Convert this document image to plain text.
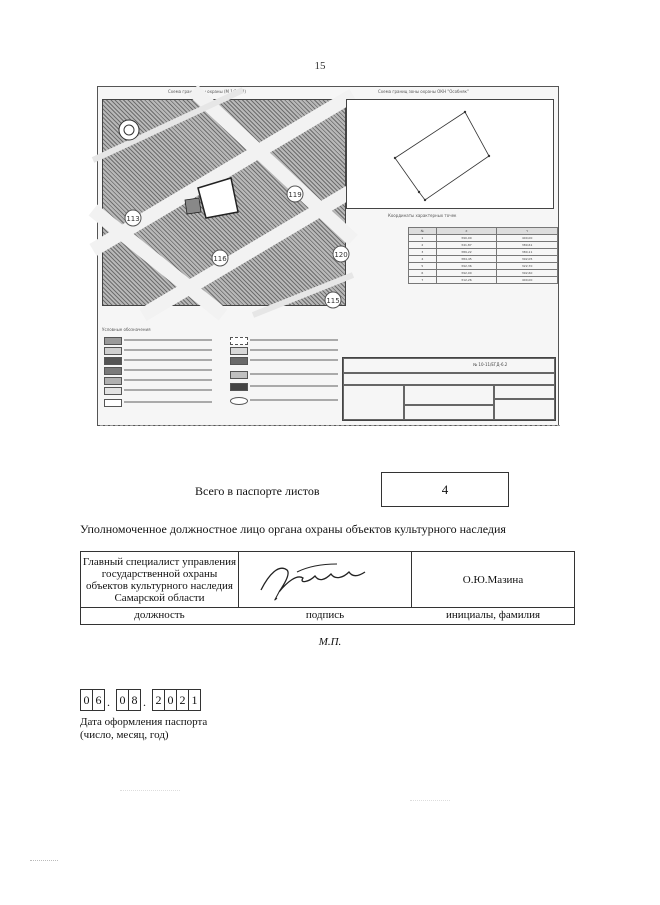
15
Схема границ зон охраны (М 1:2000)	Схема границ зоны охраны ОКН "Особняк"
113
116
119
120
115
Координаты характерных точек
№	X	Y
1	390,00	400,00
2	341,87	389,61
3	389,22	380,11
4	384,45	392,05
5	392,36	322,70
6	392,00	392,60
7	312,26	400,00
Условные обозначения
№ 10-11/ЕГД-6.2
Всего в паспорте листов	4
Уполномоченное должностное лицо органа охраны объектов культурного наследия
Главный специалист управления государственной охраны объектов культурного наследия Самарской области
О.Ю.Мазина
должность	подпись	инициалы, фамилия
М.П.
0 6 . 0 8 . 2 0 2 1
Дата оформления паспорта
(число, месяц, год)
